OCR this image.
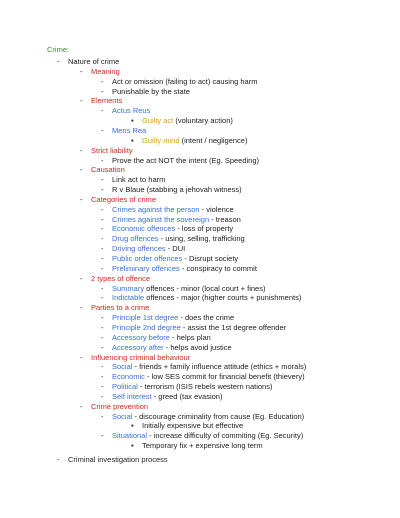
Crime:
- Nature of crime
- Meaning
- Act or omission (failing to act) causing harm
- Punishable by the state
- Elements
- Actus Reus
▪ Guilty act (voluntary action)
- Mens Rea
▪ Guilty mind (intent / negligence)
- Strict liability
- Prove the act NOT the intent (Eg. Speeding)
- Causation
- Link act to harm
- R v Blaue (stabbing a jehovah witness)
- Categories of crime
- Crimes against the person - violence
- Crimes against the sovereign - treason
- Economic offences - loss of property
- Drug offences - using, selling, trafficking
- Driving offences - DUI
- Public order offences - Disrupt society
- Preliminary offences - conspiracy to commit
- 2 types of offence
- Summary offences - minor (local court + fines)
- Indictable offences - major (higher courts + punishments)
- Parties to a crime
- Principle 1st degree - does the crime
- Principle 2nd degree - assist the 1st degree offender
- Accessory before - helps plan
- Accessory after - helps avoid justice
- Influencing criminal behaviour
- Social - friends + family influence attitude (ethics + morals)
- Economic - low SES commit for financial benefit (thievery)
- Political - terrorism (ISIS rebels western nations)
- Self interest - greed (tax evasion)
- Crime prevention
- Social - discourage criminality from cause (Eg. Education)
▪ Initially expensive but effective
- Situational - increase difficulty of commiting (Eg. Security)
▪ Temporary fix + expensive long term
- Criminal investigation process
